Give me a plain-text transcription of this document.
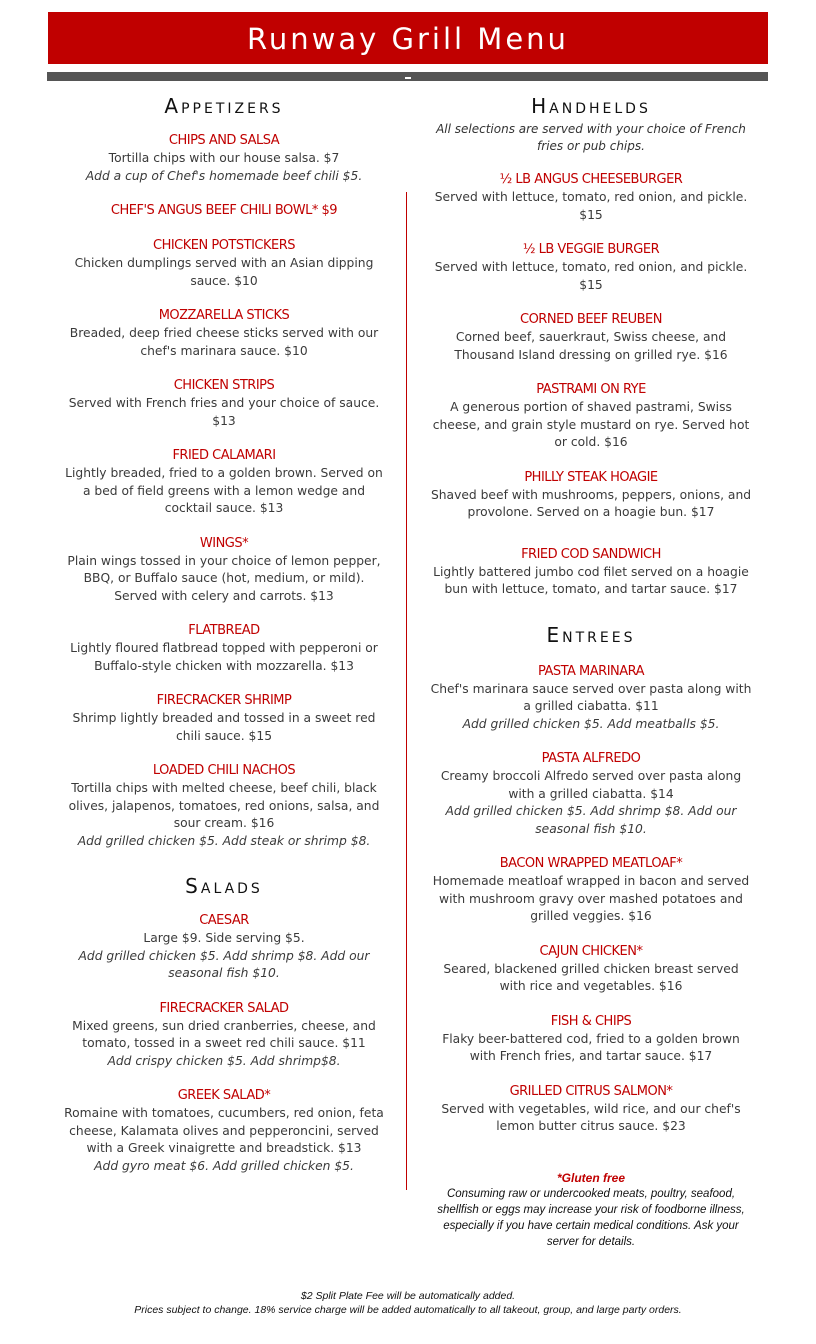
Runway Grill Menu
Appetizers
CHIPS AND SALSA
Tortilla chips with our house salsa. $7
Add a cup of Chef's homemade beef chili $5.
CHEF'S ANGUS BEEF CHILI BOWL* $9
CHICKEN POTSTICKERS
Chicken dumplings served with an Asian dipping sauce. $10
MOZZARELLA STICKS
Breaded, deep fried cheese sticks served with our chef's marinara sauce. $10
CHICKEN STRIPS
Served with French fries and your choice of sauce. $13
FRIED CALAMARI
Lightly breaded, fried to a golden brown. Served on a bed of field greens with a lemon wedge and cocktail sauce. $13
WINGS*
Plain wings tossed in your choice of lemon pepper, BBQ, or Buffalo sauce (hot, medium, or mild). Served with celery and carrots. $13
FLATBREAD
Lightly floured flatbread topped with pepperoni or Buffalo-style chicken with mozzarella. $13
FIRECRACKER SHRIMP
Shrimp lightly breaded and tossed in a sweet red chili sauce. $15
LOADED CHILI NACHOS
Tortilla chips with melted cheese, beef chili, black olives, jalapenos, tomatoes, red onions, salsa, and sour cream. $16
Add grilled chicken $5. Add steak or shrimp $8.
Salads
CAESAR
Large $9. Side serving $5.
Add grilled chicken $5. Add shrimp $8. Add our seasonal fish $10.
FIRECRACKER SALAD
Mixed greens, sun dried cranberries, cheese, and tomato, tossed in a sweet red chili sauce. $11
Add crispy chicken $5. Add shrimp$8.
GREEK SALAD*
Romaine with tomatoes, cucumbers, red onion, feta cheese, Kalamata olives and pepperoncini, served with a Greek vinaigrette and breadstick. $13
Add gyro meat $6. Add grilled chicken $5.
Handhelds
All selections are served with your choice of French fries or pub chips.
½ LB ANGUS CHEESEBURGER
Served with lettuce, tomato, red onion, and pickle. $15
½ LB VEGGIE BURGER
Served with lettuce, tomato, red onion, and pickle. $15
CORNED BEEF REUBEN
Corned beef, sauerkraut, Swiss cheese, and Thousand Island dressing on grilled rye. $16
PASTRAMI ON RYE
A generous portion of shaved pastrami, Swiss cheese, and grain style mustard on rye. Served hot or cold. $16
PHILLY STEAK HOAGIE
Shaved beef with mushrooms, peppers, onions, and provolone. Served on a hoagie bun. $17
FRIED COD SANDWICH
Lightly battered jumbo cod filet served on a hoagie bun with lettuce, tomato, and tartar sauce. $17
Entrees
PASTA MARINARA
Chef's marinara sauce served over pasta along with a grilled ciabatta. $11
Add grilled chicken $5. Add meatballs $5.
PASTA ALFREDO
Creamy broccoli Alfredo served over pasta along with a grilled ciabatta. $14
Add grilled chicken $5. Add shrimp $8. Add our seasonal fish $10.
BACON WRAPPED MEATLOAF*
Homemade meatloaf wrapped in bacon and served with mushroom gravy over mashed potatoes and grilled veggies. $16
CAJUN CHICKEN*
Seared, blackened grilled chicken breast served with rice and vegetables. $16
FISH & CHIPS
Flaky beer-battered cod, fried to a golden brown with French fries, and tartar sauce. $17
GRILLED CITRUS SALMON*
Served with vegetables, wild rice, and our chef's lemon butter citrus sauce. $23
*Gluten free
Consuming raw or undercooked meats, poultry, seafood, shellfish or eggs may increase your risk of foodborne illness, especially if you have certain medical conditions. Ask your server for details.
$2 Split Plate Fee will be automatically added.
Prices subject to change. 18% service charge will be added automatically to all takeout, group, and large party orders.
